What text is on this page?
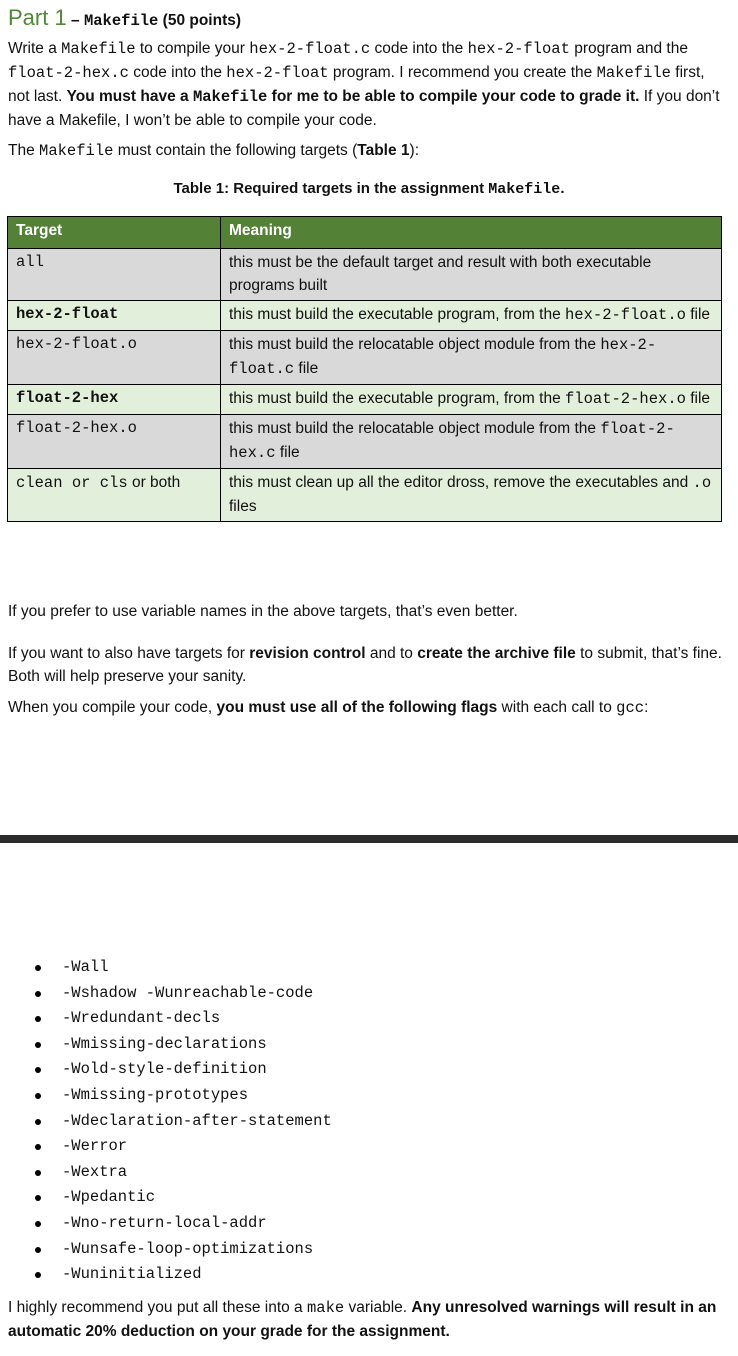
Part 1 – Makefile (50 points)

Write a Makefile to compile your hex-2-float.c code into the hex-2-float program and the float-2-hex.c code into the hex-2-float program. I recommend you create the Makefile first, not last. You must have a Makefile for me to be able to compile your code to grade it. If you don’t have a Makefile, I won’t be able to compile your code.

The Makefile must contain the following targets (Table 1):

Table 1: Required targets in the assignment Makefile.
Target	Meaning
all	this must be the default target and result with both executable programs built
hex-2-float	this must build the executable program, from the hex-2-float.o file
hex-2-float.o	this must build the relocatable object module from the hex-2-float.c file
float-2-hex	this must build the executable program, from the float-2-hex.o file
float-2-hex.o	this must build the relocatable object module from the float-2-hex.c file
clean or cls or both	this must clean up all the editor dross, remove the executables and .o files

If you prefer to use variable names in the above targets, that’s even better.

If you want to also have targets for revision control and to create the archive file to submit, that’s fine. Both will help preserve your sanity.

When you compile your code, you must use all of the following flags with each call to gcc:

-Wall
-Wshadow -Wunreachable-code
-Wredundant-decls
-Wmissing-declarations
-Wold-style-definition
-Wmissing-prototypes
-Wdeclaration-after-statement
-Werror
-Wextra
-Wpedantic
-Wno-return-local-addr
-Wunsafe-loop-optimizations
-Wuninitialized

I highly recommend you put all these into a make variable. Any unresolved warnings will result in an automatic 20% deduction on your grade for the assignment.
